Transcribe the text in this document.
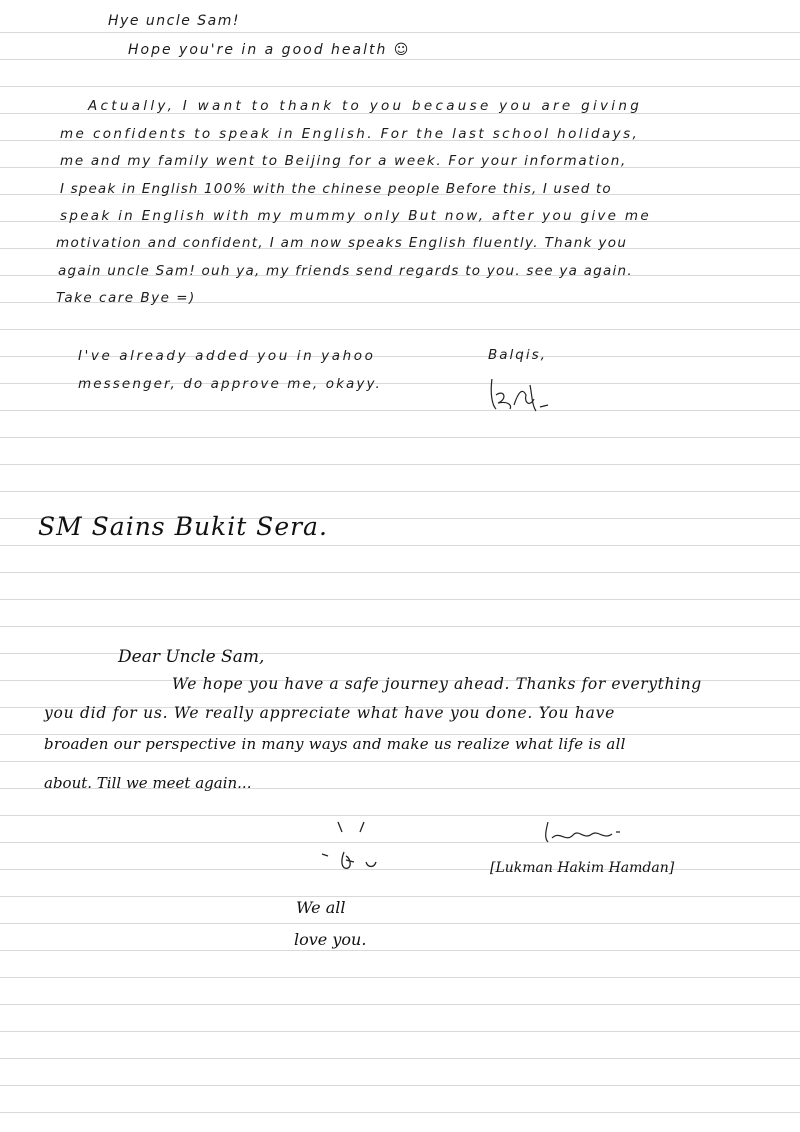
Hye uncle Sam!
Hope you're in a good health ☺
Actually, I want to thank to you because you are giving
me confidents to speak in English. For the last school holidays,
me and my family went to Beijing for a week. For your information,
I speak in English 100% with the chinese people Before this, I used to
speak in English with my mummy only But now, after you give me
motivation and confident, I am now speaks English fluently. Thank you
again uncle Sam! ouh ya, my friends send regards to you. see ya again.
Take care Bye =)
I've already added you in yahoo
messenger, do approve me, okayy.
Balqis,
SM Sains Bukit Sera.
Dear Uncle Sam,
We hope you have a safe journey ahead. Thanks for everything
you did for us. We really appreciate what have you done. You have
broaden our perspective in many ways and make us realize what life is all
about. Till we meet again...
[Lukman Hakim Hamdan]
We all
love you.
